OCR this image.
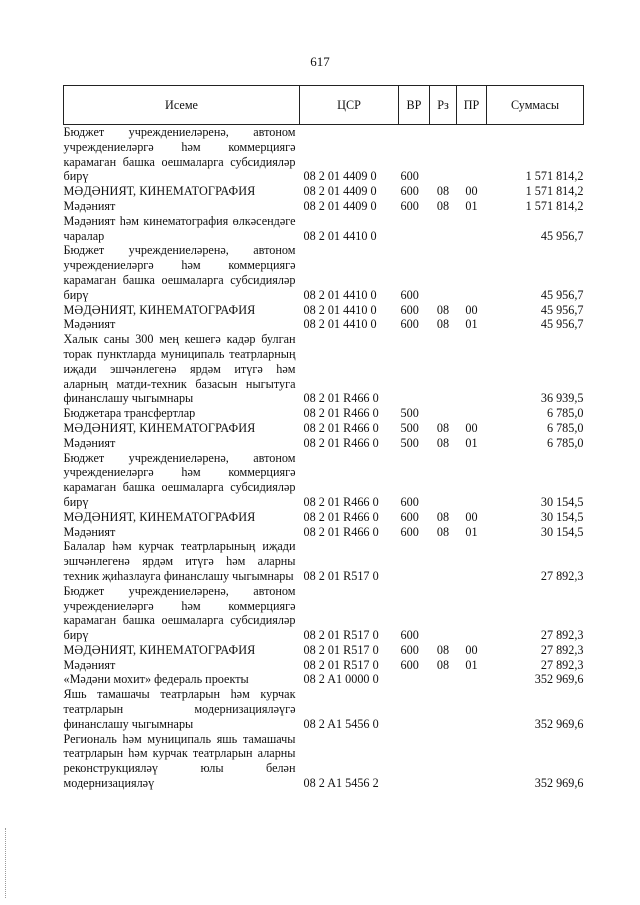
617
Исеме	ЦСР	ВР	Рз	ПР	Суммасы
Бюджет учреждениеләренә, автоном учреждениеләргә һәм коммерциягә карамаган башка оешмаларга субсидияләр бирү	08 2 01 4409 0	600			1 571 814,2
МӘДӘНИЯТ, КИНЕМАТОГРАФИЯ	08 2 01 4409 0	600	08	00	1 571 814,2
Мәдәният	08 2 01 4409 0	600	08	01	1 571 814,2
Мәдәният һәм кинематография өлкәсендәге чаралар	08 2 01 4410 0				45 956,7
Бюджет учреждениеләренә, автоном учреждениеләргә һәм коммерциягә карамаган башка оешмаларга субсидияләр бирү	08 2 01 4410 0	600			45 956,7
МӘДӘНИЯТ, КИНЕМАТОГРАФИЯ	08 2 01 4410 0	600	08	00	45 956,7
Мәдәният	08 2 01 4410 0	600	08	01	45 956,7
Халык саны 300 мең кешегә кадәр булган торак пунктларда муниципаль театрларның иҗади эшчәнлегенә ярдәм итүгә һәм аларның матди-техник базасын ныгытуга финанслашу чыгымнары	08 2 01 R466 0				36 939,5
Бюджетара трансфертлар	08 2 01 R466 0	500			6 785,0
МӘДӘНИЯТ, КИНЕМАТОГРАФИЯ	08 2 01 R466 0	500	08	00	6 785,0
Мәдәният	08 2 01 R466 0	500	08	01	6 785,0
Бюджет учреждениеләренә, автоном учреждениеләргә һәм коммерциягә карамаган башка оешмаларга субсидияләр бирү	08 2 01 R466 0	600			30 154,5
МӘДӘНИЯТ, КИНЕМАТОГРАФИЯ	08 2 01 R466 0	600	08	00	30 154,5
Мәдәният	08 2 01 R466 0	600	08	01	30 154,5
Балалар һәм курчак театрларының иҗади эшчәнлегенә ярдәм итүгә һәм аларны техник җиһазлауга финанслашу чыгымнары	08 2 01 R517 0				27 892,3
Бюджет учреждениеләренә, автоном учреждениеләргә һәм коммерциягә карамаган башка оешмаларга субсидияләр бирү	08 2 01 R517 0	600			27 892,3
МӘДӘНИЯТ, КИНЕМАТОГРАФИЯ	08 2 01 R517 0	600	08	00	27 892,3
Мәдәният	08 2 01 R517 0	600	08	01	27 892,3
«Мәдәни мохит» федераль проекты	08 2 A1 0000 0				352 969,6
Яшь тамашачы театрларын һәм курчак театрларын модернизацияләүгә финанслашу чыгымнары	08 2 A1 5456 0				352 969,6
Региональ һәм муниципаль яшь тамашачы театрларын һәм курчак театрларын аларны реконструкцияләү юлы белән модернизацияләү	08 2 A1 5456 2				352 969,6
